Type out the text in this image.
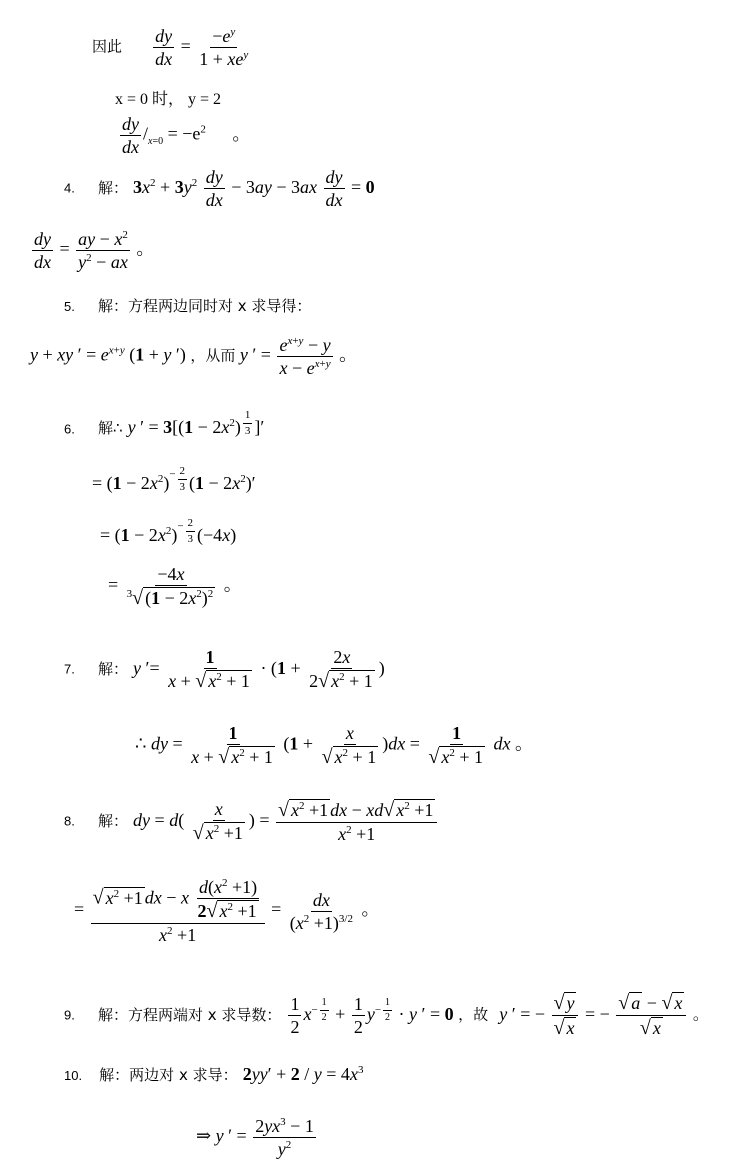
因此 $\frac{dy}{dx} = \frac{-e^y}{1 + xe^y}$
x = 0 时， y = 2
$\frac{dy}{dx} /_{x=0} = -e^2$ 。
4. 解： $3x^2 + 3y^2 \frac{dy}{dx} - 3ay - 3ax \frac{dy}{dx} = 0$
$\frac{dy}{dx} = \frac{ay - x^2}{y^2 - ax}$ 。
5. 解：方程两边同时对 x 求导得：
y + xy ′ = $e^{x+y}$ (1 + y ′) ，从而 y ′ = $\frac{e^{x+y} - y}{x - e^{x+y}}$ 。
6. 解∴ y ′ = $3[(1 - 2x^2)$ $^{\frac{1}{3}}$ ]′
= $(1 - 2x^2)^{- \frac{2}{3}}$ $(1 - 2x^2)'$
= $(1 - 2x^2)^{- \frac{2}{3}}$ (−4x)
= $\frac{-4x}{^3√ (1 - 2x^2)^2}$ 。
7. 解： y ′= $\frac{1}{x + √ x^2 + 1} \cdot (1 + \frac{2x}{2√ x^2 + 1}$ )
∴ dy = $\frac{1}{x + √ x^2 + 1} (1 + \frac{x}{√ x^2 + 1} )dx = \frac{1}{√ x^2 + 1}$ dx 。
8. 解： dy = $d( \frac{x}{√ x^2 +1}$ ) = $\frac{√ x^2 +1 dx - xd√ x^2 +1}{x^2 +1}$
= $\frac{√ x^2 +1 dx - x \frac{d(x^2 +1)}{2√ x^2 +1}}{x^2 +1} = \frac{dx}{(x^2 +1)^{3/2}}$ 。
9. 解：方程两端对 x 求导数： $\frac{1}{2} x^{- \frac{1}{2}} + \frac{1}{2} y^{- \frac{1}{2}} \cdot y$ ′ = 0 ，故 y ′ = − $\frac{√ y}{√ x}$ = − $\frac{√ a - √ x}{√ x}$ 。
10. 解：两边对 x 求导： $2yy' + 2 / y = 4x^3$
⇒ y ′ = $\frac{2yx^3 - 1}{y^2}$
